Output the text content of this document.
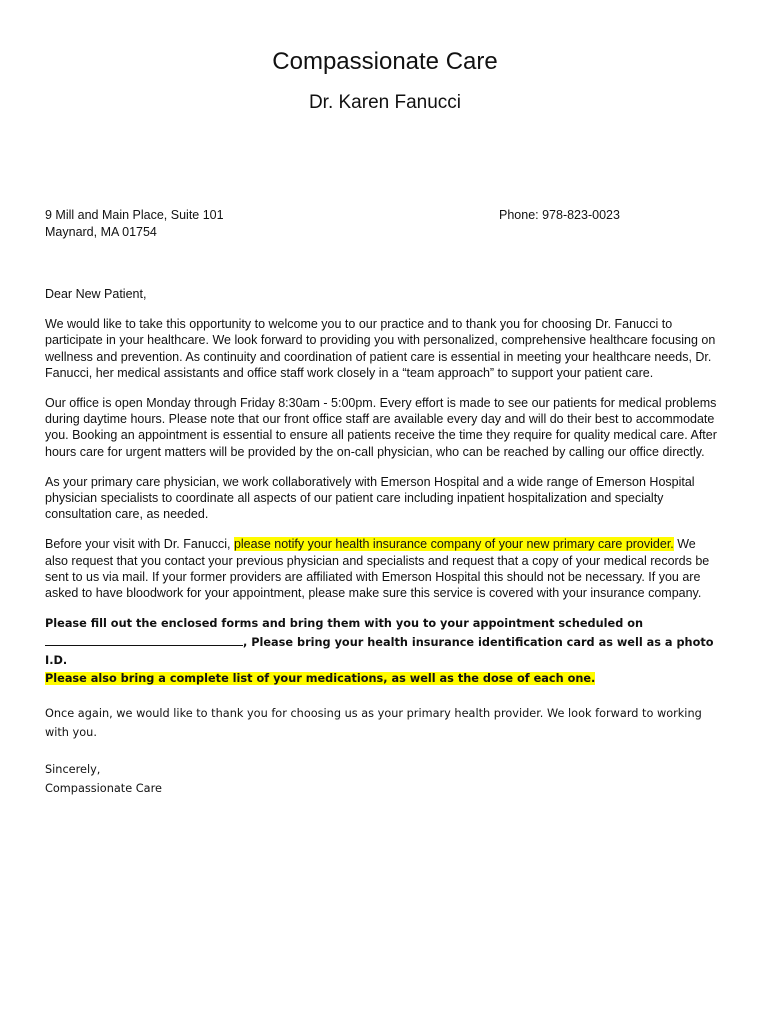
Compassionate Care
Dr. Karen Fanucci
9 Mill and Main Place, Suite 101
Maynard, MA 01754
Phone: 978-823-0023

Dear New Patient,

We would like to take this opportunity to welcome you to our practice and to thank you for choosing Dr. Fanucci to
participate in your healthcare. We look forward to providing you with personalized, comprehensive healthcare focusing on
wellness and prevention. As continuity and coordination of patient care is essential in meeting your healthcare needs, Dr.
Fanucci, her medical assistants and office staff work closely in a “team approach” to support your patient care.

Our office is open Monday through Friday 8:30am - 5:00pm. Every effort is made to see our patients for medical problems
during daytime hours. Please note that our front office staff are available every day and will do their best to accommodate
you. Booking an appointment is essential to ensure all patients receive the time they require for quality medical care. After
hours care for urgent matters will be provided by the on-call physician, who can be reached by calling our office directly.

As your primary care physician, we work collaboratively with Emerson Hospital and a wide range of Emerson Hospital
physician specialists to coordinate all aspects of our patient care including inpatient hospitalization and specialty
consultation care, as needed.

Before your visit with Dr. Fanucci, please notify your health insurance company of your new primary care provider. We
also request that you contact your previous physician and specialists and request that a copy of your medical records be
sent to us via mail. If your former providers are affiliated with Emerson Hospital this should not be necessary. If you are
asked to have bloodwork for your appointment, please make sure this service is covered with your insurance company.

Please fill out the enclosed forms and bring them with you to your appointment scheduled on
, Please bring your health insurance identification card as well as a photo I.D.
Please also bring a complete list of your medications, as well as the dose of each one.
Once again, we would like to thank you for choosing us as your primary health provider. We look forward to working
with you.
Sincerely,
Compassionate Care
